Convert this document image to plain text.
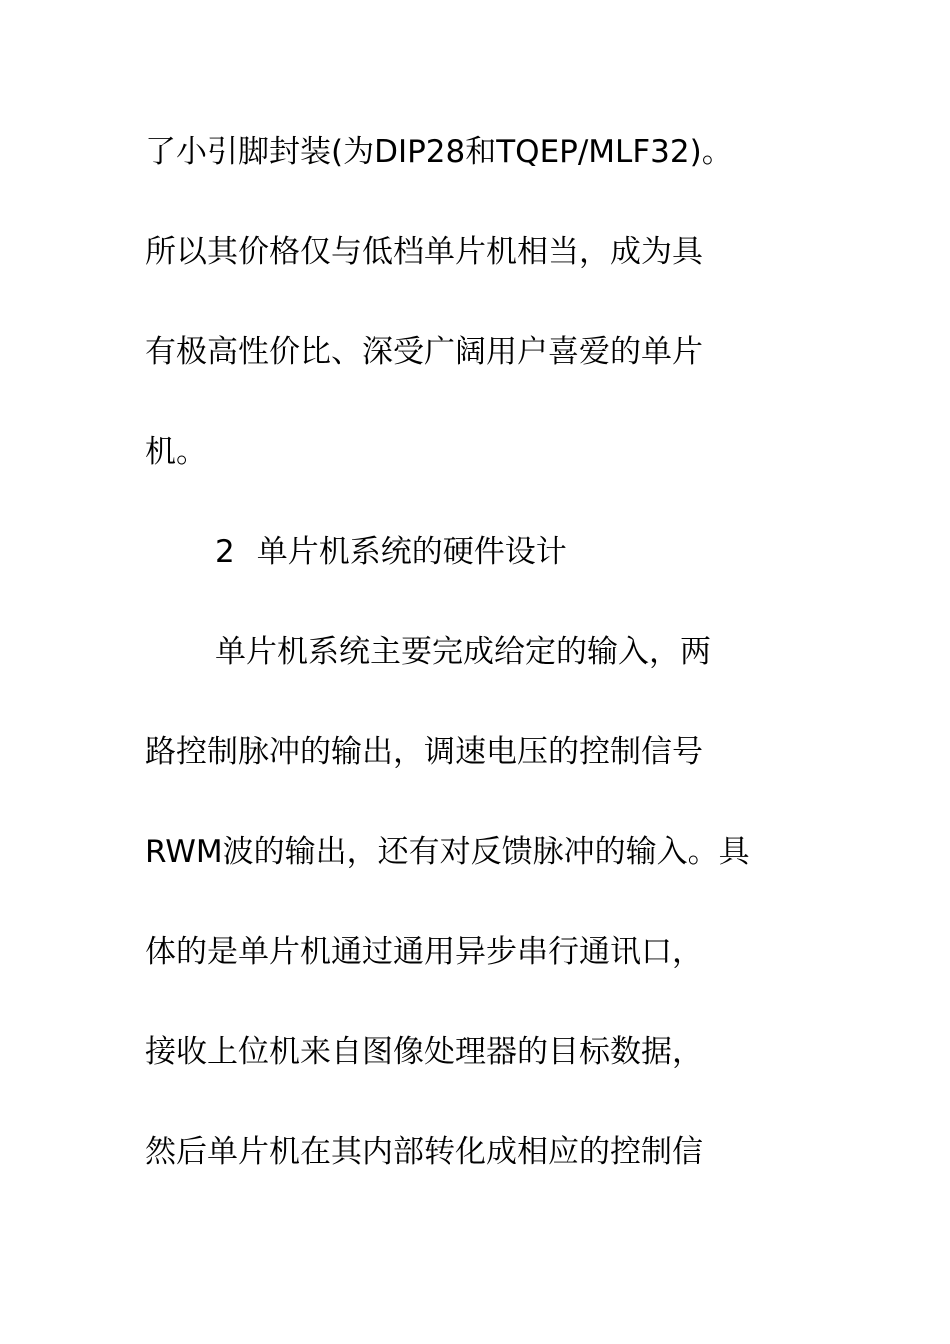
了小引脚封装(为DIP28和TQEP/MLF32)。
所以其价格仅与低档单片机相当，成为具
有极高性价比、深受广阔用户喜爱的单片
机。
2 单片机系统的硬件设计
单片机系统主要完成给定的输入，两
路控制脉冲的输出，调速电压的控制信号
RWM波的输出，还有对反馈脉冲的输入。具
体的是单片机通过通用异步串行通讯口，
接收上位机来自图像处理器的目标数据，
然后单片机在其内部转化成相应的控制信
